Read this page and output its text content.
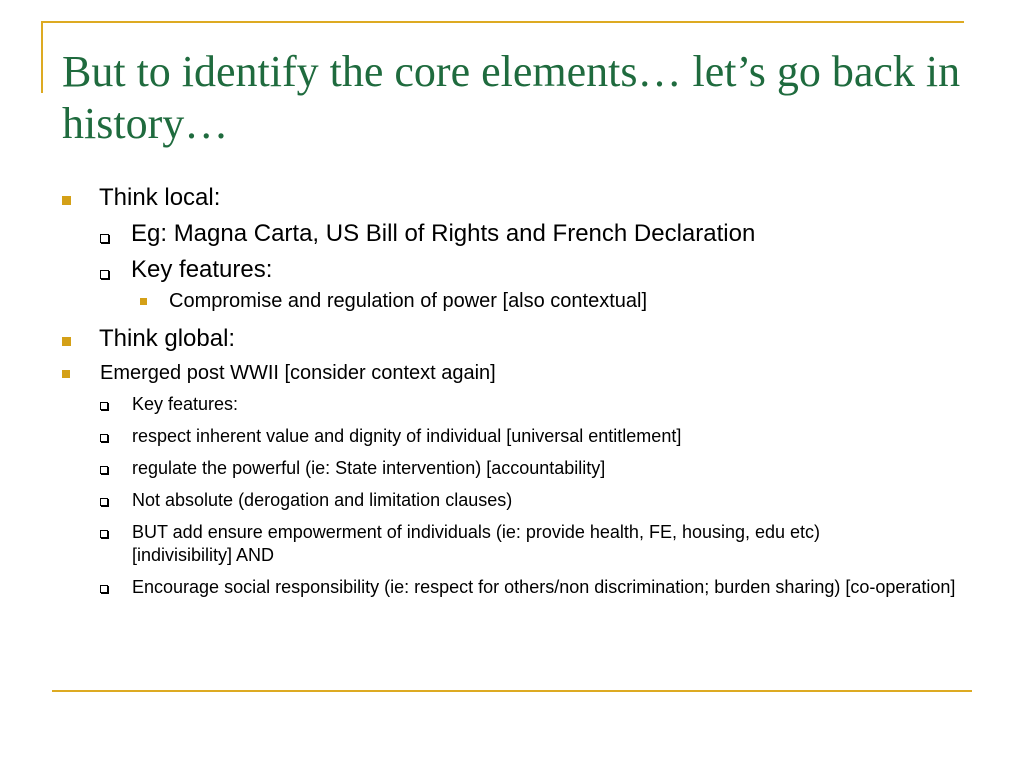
But to identify the core elements… let’s go back in history…
Think local:
Eg: Magna Carta, US Bill of Rights and French Declaration
Key features:
Compromise and regulation of power [also contextual]
Think global:
Emerged post WWII [consider context again]
Key features:
respect inherent value and dignity of individual [universal entitlement]
regulate the powerful (ie: State intervention) [accountability]
Not absolute (derogation and limitation clauses)
BUT add ensure empowerment of individuals (ie: provide health, FE, housing, edu etc) [indivisibility] AND
Encourage social responsibility (ie: respect for others/non discrimination; burden sharing) [co-operation]
